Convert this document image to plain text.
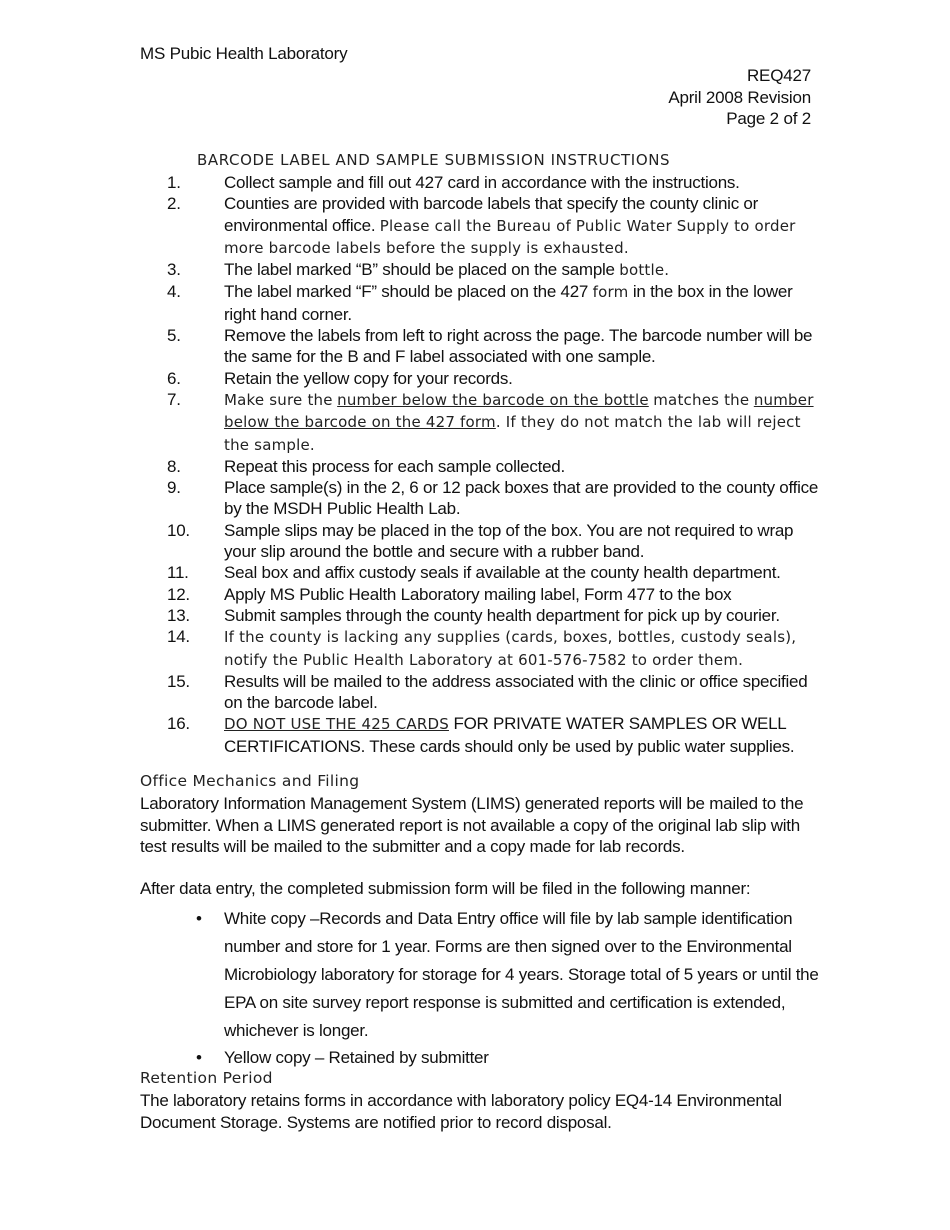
MS Pubic Health Laboratory
REQ427
April 2008 Revision
Page 2 of 2
BARCODE LABEL AND SAMPLE SUBMISSION INSTRUCTIONS
1.	Collect sample and fill out 427 card in accordance with the instructions.
2.	Counties are provided with barcode labels that specify the county clinic or environmental office. Please call the Bureau of Public Water Supply to order more barcode labels before the supply is exhausted.
3.	The label marked “B” should be placed on the sample bottle.
4.	The label marked “F” should be placed on the 427 form in the box in the lower right hand corner.
5.	Remove the labels from left to right across the page. The barcode number will be the same for the B and F label associated with one sample.
6.	Retain the yellow copy for your records.
7.	Make sure the number below the barcode on the bottle matches the number below the barcode on the 427 form. If they do not match the lab will reject the sample.
8.	Repeat this process for each sample collected.
9.	Place sample(s) in the 2, 6 or 12 pack boxes that are provided to the county office by the MSDH Public Health Lab.
10.	Sample slips may be placed in the top of the box. You are not required to wrap your slip around the bottle and secure with a rubber band.
11.	Seal box and affix custody seals if available at the county health department.
12.	Apply MS Public Health Laboratory mailing label, Form 477 to the box
13.	Submit samples through the county health department for pick up by courier.
14.	If the county is lacking any supplies (cards, boxes, bottles, custody seals), notify the Public Health Laboratory at 601-576-7582 to order them.
15.	Results will be mailed to the address associated with the clinic or office specified on the barcode label.
16.	DO NOT USE THE 425 CARDS FOR PRIVATE WATER SAMPLES OR WELL CERTIFICATIONS. These cards should only be used by public water supplies.
Office Mechanics and Filing
Laboratory Information Management System (LIMS) generated reports will be mailed to the submitter. When a LIMS generated report is not available a copy of the original lab slip with test results will be mailed to the submitter and a copy made for lab records.
After data entry, the completed submission form will be filed in the following manner:
• White copy –Records and Data Entry office will file by lab sample identification number and store for 1 year. Forms are then signed over to the Environmental Microbiology laboratory for storage for 4 years. Storage total of 5 years or until the EPA on site survey report response is submitted and certification is extended, whichever is longer.
• Yellow copy – Retained by submitter
Retention Period
The laboratory retains forms in accordance with laboratory policy EQ4-14 Environmental Document Storage. Systems are notified prior to record disposal.
